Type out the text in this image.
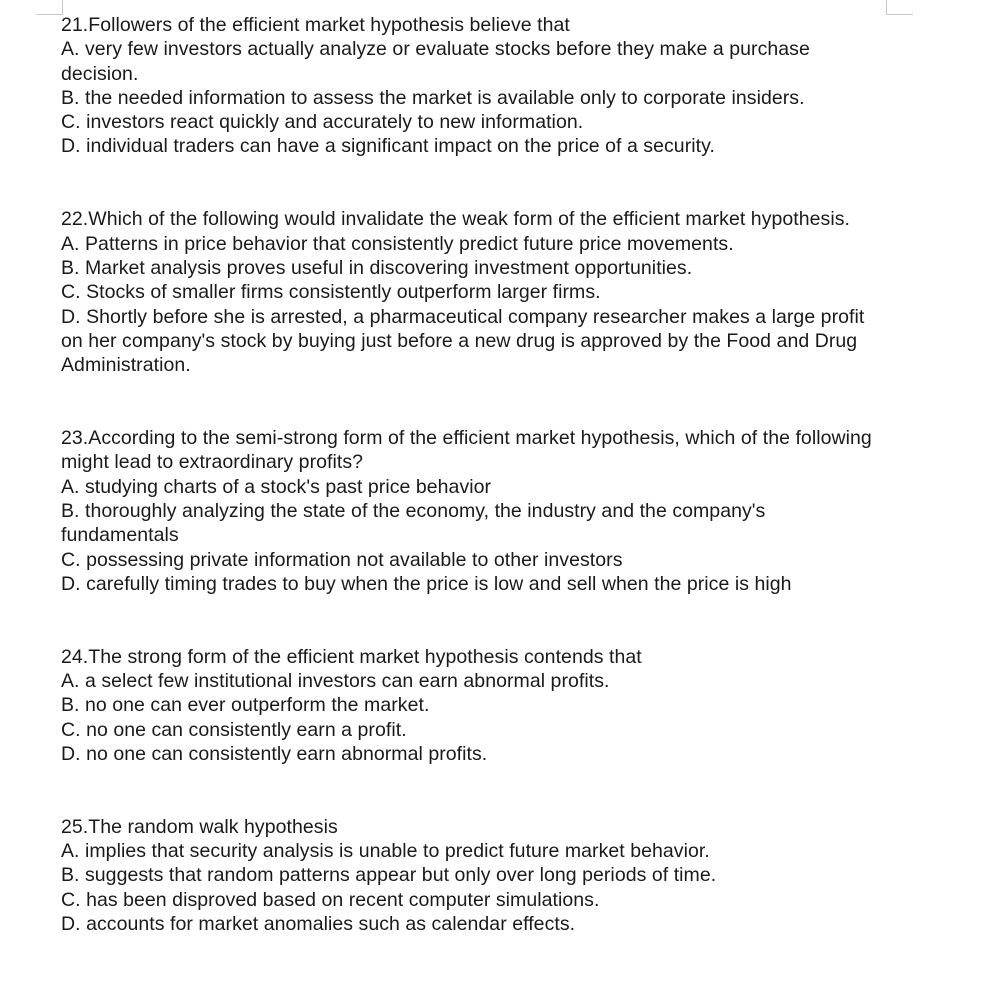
21.Followers of the efficient market hypothesis believe that
A. very few investors actually analyze or evaluate stocks before they make a purchase decision.
B. the needed information to assess the market is available only to corporate insiders.
C. investors react quickly and accurately to new information.
D. individual traders can have a significant impact on the price of a security.
22.Which of the following would invalidate the weak form of the efficient market hypothesis.
A. Patterns in price behavior that consistently predict future price movements.
B. Market analysis proves useful in discovering investment opportunities.
C. Stocks of smaller firms consistently outperform larger firms.
D. Shortly before she is arrested, a pharmaceutical company researcher makes a large profit on her company's stock by buying just before a new drug is approved by the Food and Drug Administration.
23.According to the semi-strong form of the efficient market hypothesis, which of the following might lead to extraordinary profits?
A. studying charts of a stock's past price behavior
B. thoroughly analyzing the state of the economy, the industry and the company's fundamentals
C. possessing private information not available to other investors
D. carefully timing trades to buy when the price is low and sell when the price is high
24.The strong form of the efficient market hypothesis contends that
A. a select few institutional investors can earn abnormal profits.
B. no one can ever outperform the market.
C. no one can consistently earn a profit.
D. no one can consistently earn abnormal profits.
25.The random walk hypothesis
A. implies that security analysis is unable to predict future market behavior.
B. suggests that random patterns appear but only over long periods of time.
C. has been disproved based on recent computer simulations.
D. accounts for market anomalies such as calendar effects.
